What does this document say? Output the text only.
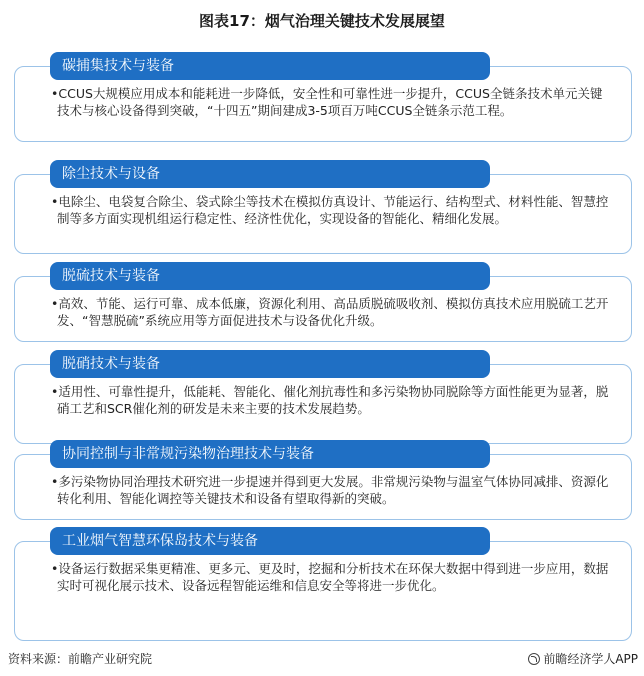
图表17：烟气治理关键技术发展展望
•CCUS大规模应用成本和能耗进一步降低，安全性和可靠性进一步提升，CCUS全链条技术单元关键技术与核心设备得到突破，“十四五”期间建成3-5项百万吨CCUS全链条示范工程。
碳捕集技术与装备
•电除尘、电袋复合除尘、袋式除尘等技术在模拟仿真设计、节能运行、结构型式、材料性能、智慧控制等多方面实现机组运行稳定性、经济性优化，实现设备的智能化、精细化发展。
除尘技术与设备
•高效、节能、运行可靠、成本低廉，资源化利用、高品质脱硫吸收剂、模拟仿真技术应用脱硫工艺开发、“智慧脱硫”系统应用等方面促进技术与设备优化升级。
脱硫技术与装备
•适用性、可靠性提升，低能耗、智能化、催化剂抗毒性和多污染物协同脱除等方面性能更为显著，脱硝工艺和SCR催化剂的研发是未来主要的技术发展趋势。
脱硝技术与装备
•多污染物协同治理技术研究进一步提速并得到更大发展。非常规污染物与温室气体协同减排、资源化转化利用、智能化调控等关键技术和设备有望取得新的突破。
协同控制与非常规污染物治理技术与装备
•设备运行数据采集更精准、更多元、更及时，挖掘和分析技术在环保大数据中得到进一步应用，数据实时可视化展示技术、设备远程智能运维和信息安全等将进一步优化。
工业烟气智慧环保岛技术与装备
资料来源：前瞻产业研究院	前瞻经济学人APP
